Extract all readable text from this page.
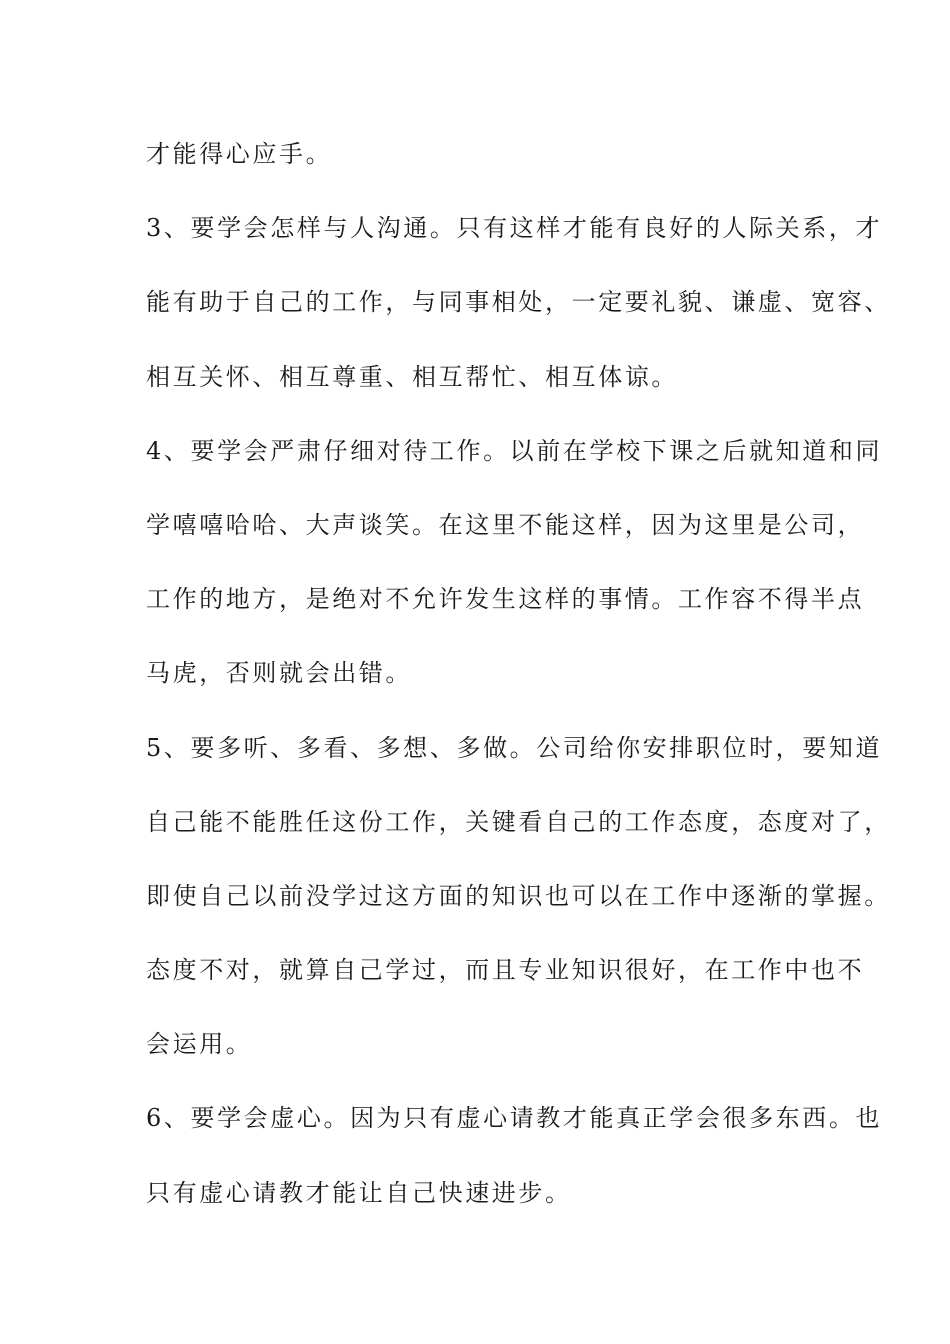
才能得心应手。
3、要学会怎样与人沟通。只有这样才能有良好的人际关系，才
能有助于自己的工作，与同事相处，一定要礼貌、谦虚、宽容、
相互关怀、相互尊重、相互帮忙、相互体谅。
4、要学会严肃仔细对待工作。以前在学校下课之后就知道和同
学嘻嘻哈哈、大声谈笑。在这里不能这样，因为这里是公司，
工作的地方，是绝对不允许发生这样的事情。工作容不得半点
马虎，否则就会出错。
5、要多听、多看、多想、多做。公司给你安排职位时，要知道
自己能不能胜任这份工作，关键看自己的工作态度，态度对了，
即使自己以前没学过这方面的知识也可以在工作中逐渐的掌握。
态度不对，就算自己学过，而且专业知识很好，在工作中也不
会运用。
6、要学会虚心。因为只有虚心请教才能真正学会很多东西。也
只有虚心请教才能让自己快速进步。
